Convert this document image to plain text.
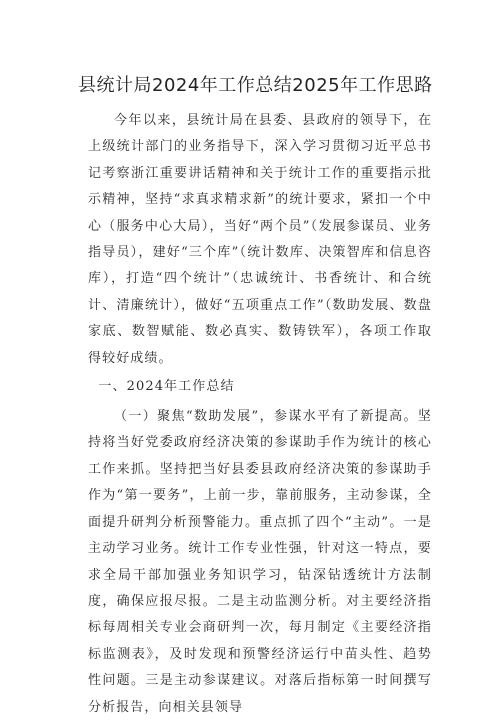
县统计局2024年工作总结2025年工作思路

今年以来，县统计局在县委、县政府的领导下，在上级统计部门的业务指导下，深入学习贯彻习近平总书记考察浙江重要讲话精神和关于统计工作的重要指示批示精神，坚持“求真求精求新”的统计要求，紧扣一个中心（服务中心大局），当好“两个员”（发展参谋员、业务指导员），建好“三个库”（统计数库、决策智库和信息咨库），打造“四个统计”（忠诚统计、书香统计、和合统计、清廉统计），做好“五项重点工作”（数助发展、数盘家底、数智赋能、数必真实、数铸铁军），各项工作取得较好成绩。

一、2024年工作总结

（一）聚焦“数助发展”，参谋水平有了新提高。坚持将当好党委政府经济决策的参谋助手作为统计的核心工作来抓。坚持把当好县委县政府经济决策的参谋助手作为“第一要务”，上前一步，靠前服务，主动参谋，全面提升研判分析预警能力。重点抓了四个“主动”。一是主动学习业务。统计工作专业性强，针对这一特点，要求全局干部加强业务知识学习，钻深钻透统计方法制度，确保应报尽报。二是主动监测分析。对主要经济指标每周相关专业会商研判一次，每月制定《主要经济指标监测表》，及时发现和预警经济运行中苗头性、趋势性问题。三是主动参谋建议。对落后指标第一时间撰写分析报告，向相关县领导
